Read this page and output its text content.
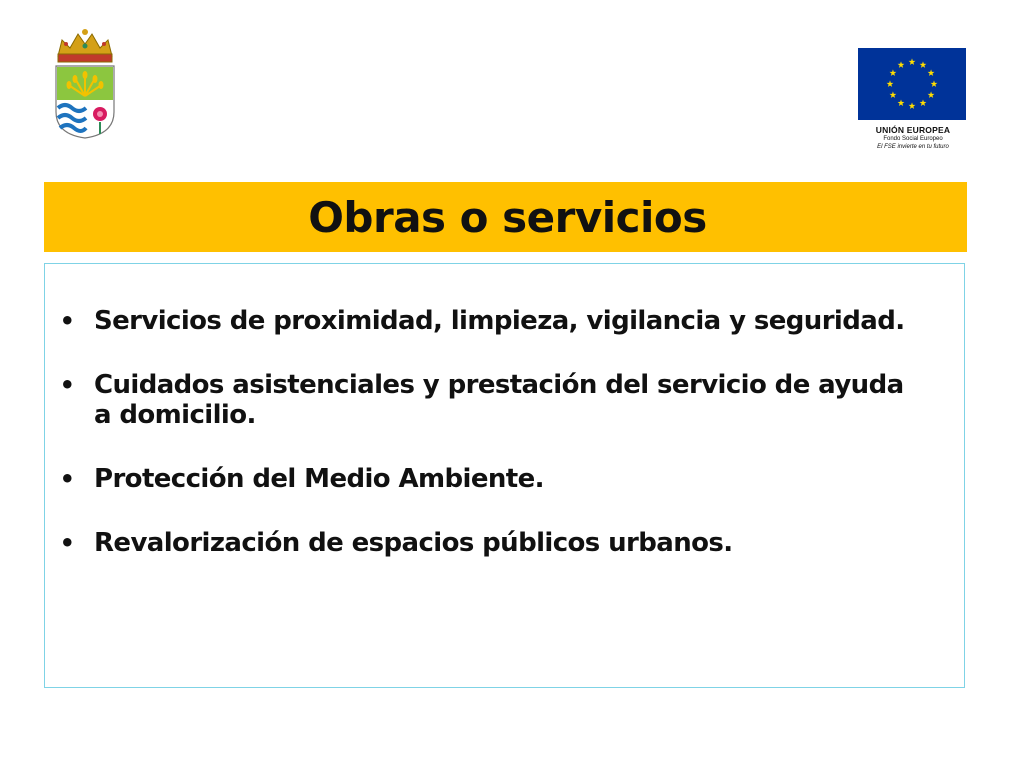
UNIÓN EUROPEA
Fondo Social Europeo
El FSE invierte en tu futuro
Obras o servicios
• Servicios de proximidad, limpieza, vigilancia y seguridad.
• Cuidados asistenciales y prestación del servicio de ayuda a domicilio.
• Protección del Medio Ambiente.
• Revalorización de espacios públicos urbanos.
